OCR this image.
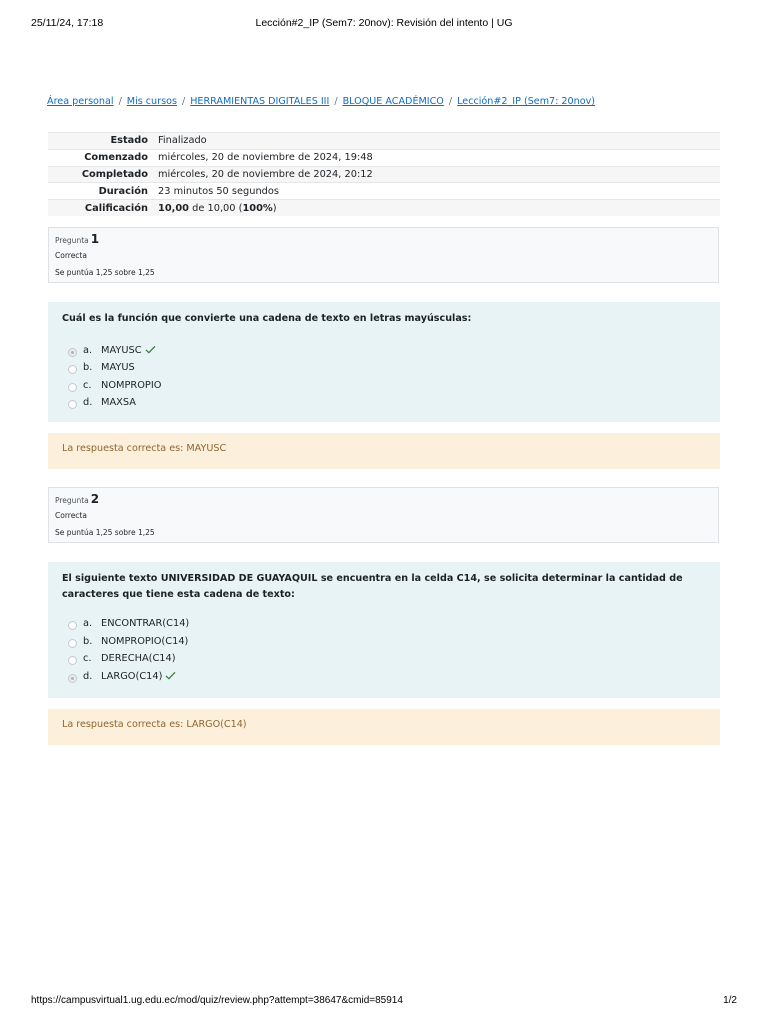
25/11/24, 17:18	Lección#2_IP (Sem7: 20nov): Revisión del intento | UG
Área personal / Mis cursos / HERRAMIENTAS DIGITALES III / BLOQUE ACADÉMICO / Lección#2_IP (Sem7: 20nov)
Estado	Finalizado
Comenzado	miércoles, 20 de noviembre de 2024, 19:48
Completado	miércoles, 20 de noviembre de 2024, 20:12
Duración	23 minutos 50 segundos
Calificación	10,00 de 10,00 (100%)
Pregunta 1
Correcta
Se puntúa 1,25 sobre 1,25
Cuál es la función que convierte una cadena de texto en letras mayúsculas:
a. MAYUSC
b. MAYUS
c. NOMPROPIO
d. MAXSA
La respuesta correcta es: MAYUSC
Pregunta 2
Correcta
Se puntúa 1,25 sobre 1,25
El siguiente texto UNIVERSIDAD DE GUAYAQUIL se encuentra en la celda C14, se solicita determinar la cantidad de caracteres que tiene esta cadena de texto:
a. ENCONTRAR(C14)
b. NOMPROPIO(C14)
c. DERECHA(C14)
d. LARGO(C14)
La respuesta correcta es: LARGO(C14)
https://campusvirtual1.ug.edu.ec/mod/quiz/review.php?attempt=38647&cmid=85914	1/2
